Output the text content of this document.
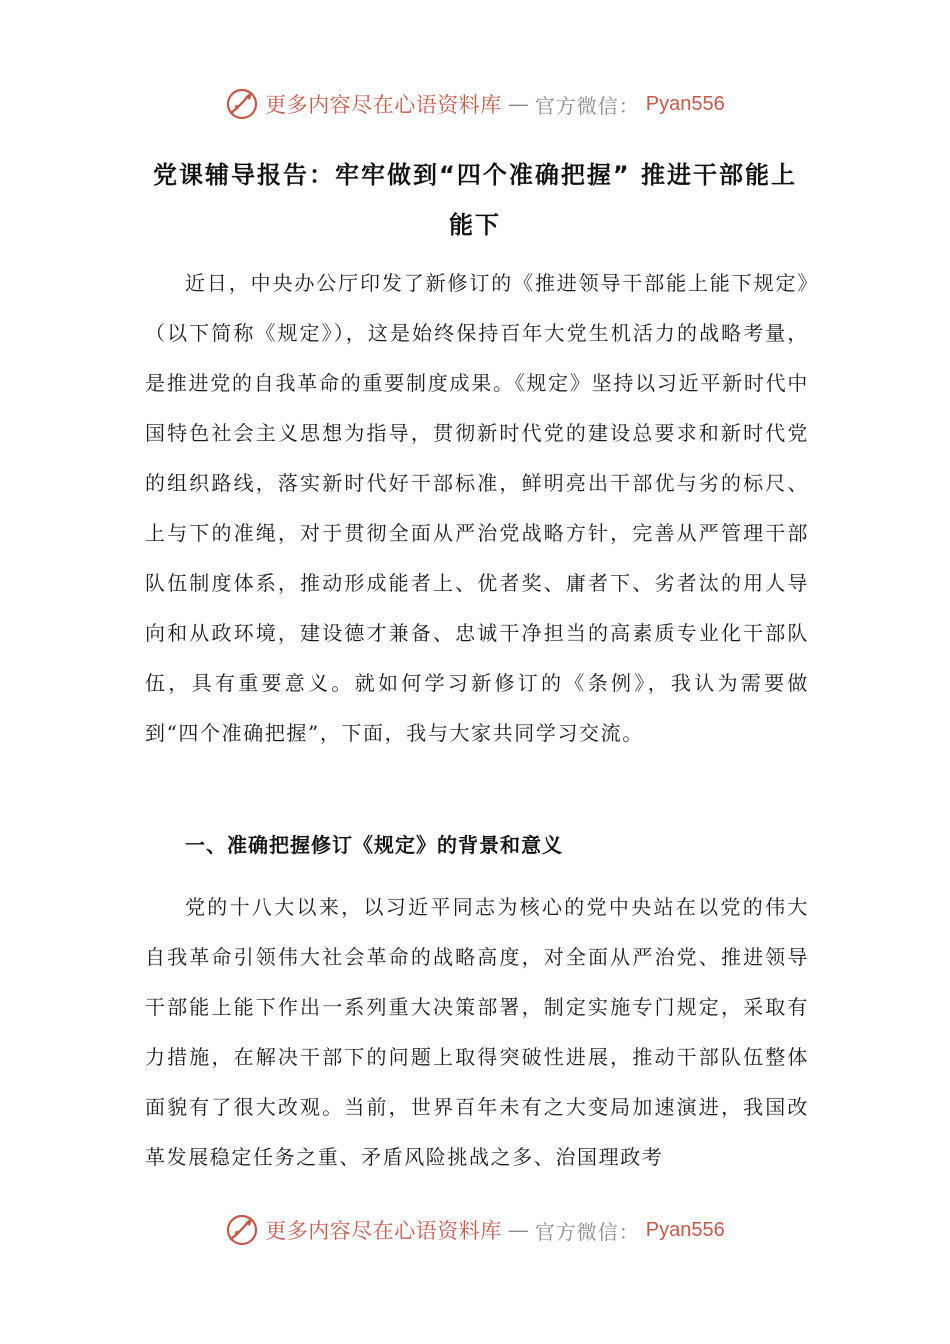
更多内容尽在心语资料库 — 官方微信： Pyan556
党课辅导报告：牢牢做到“四个准确把握” 推进干部能上能下

近日，中央办公厅印发了新修订的《推进领导干部能上能下规定》（以下简称《规定》），这是始终保持百年大党生机活力的战略考量，是推进党的自我革命的重要制度成果。《规定》坚持以习近平新时代中国特色社会主义思想为指导，贯彻新时代党的建设总要求和新时代党的组织路线，落实新时代好干部标准，鲜明亮出干部优与劣的标尺、上与下的准绳，对于贯彻全面从严治党战略方针，完善从严管理干部队伍制度体系，推动形成能者上、优者奖、庸者下、劣者汰的用人导向和从政环境，建设德才兼备、忠诚干净担当的高素质专业化干部队伍，具有重要意义。就如何学习新修订的《条例》，我认为需要做到“四个准确把握”，下面，我与大家共同学习交流。

一、准确把握修订《规定》的背景和意义

党的十八大以来，以习近平同志为核心的党中央站在以党的伟大自我革命引领伟大社会革命的战略高度，对全面从严治党、推进领导干部能上能下作出一系列重大决策部署，制定实施专门规定，采取有力措施，在解决干部下的问题上取得突破性进展，推动干部队伍整体面貌有了很大改观。当前，世界百年未有之大变局加速演进，我国改革发展稳定任务之重、矛盾风险挑战之多、治国理政考

更多内容尽在心语资料库 — 官方微信： Pyan556
